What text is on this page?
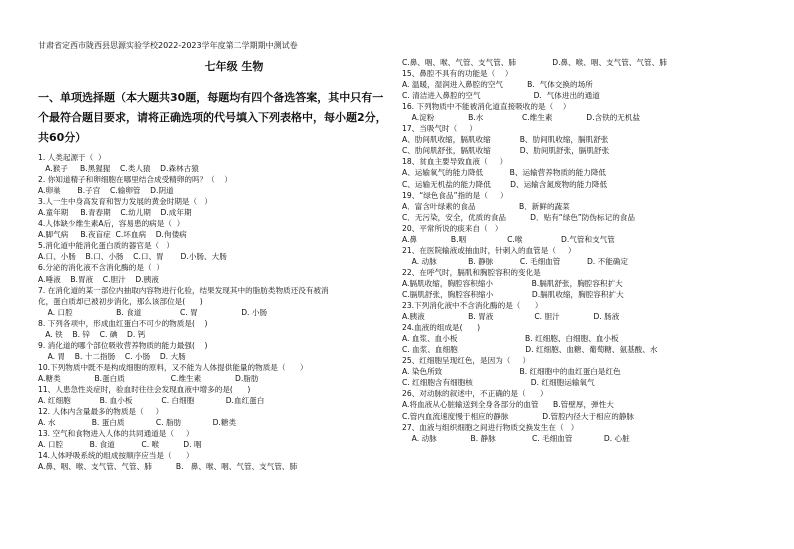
甘肃省定西市陇西县思源实验学校2022-2023学年度第二学期期中测试卷
七年级 生物
一、单项选择题（本大题共30题，每题均有四个备选答案，其中只有一
个最符合题目要求，请将正确选项的代号填入下列表格中，每小题2分，
共60分）
1. 人类起源于（  ）
A.猴子     B.黑猩猩    C.类人猿    D.森林古猿
2. 你知道精子和卵细胞在哪里结合成受精卵的吗？（    ）
A.卵巢       B.子宫    C.输卵管    D.阴道
3.人一生中身高发育和智力发展的黄金时期是（   ）
A.童年期     B.青春期    C.幼儿期    D.成年期
4.人体缺少维生素A后，容易患的病是（  ）
A.脚气病     B.夜盲症  C.坏血病    D.佝偻病
5.消化道中能消化蛋白质的器官是（   ）
A.口、小肠    B.口、小肠    C.口、胃       D.小肠、大肠
6.分泌的消化液不含消化酶的是（  ）
A.唾液    B.胃液    C.胆汁    D.胰液
7. 在消化道的某一部位内抽取内容物进行化验，结果发现其中的脂肪类物质还没有被消
化，蛋白质却已被初步消化，那么该部位是(      )
A. 口腔                  B. 食道                C. 胃                  D. 小肠
8. 下列各项中，形成血红蛋白不可少的物质是(    )
A. 铁    B. 锌    C. 碘    D. 钙
9. 消化道的哪个部位吸收营养物质的能力最强(    )
A. 胃    B. 十二指肠    C. 小肠    D. 大肠
10.下列物质中既不是构成细胞的原料，又不能为人体提供能量的物质是（      ）
A.糖类              B.蛋白质                   C.维生素              D.脂肪
11、人患急性炎症时，验血时往往会发现血液中增多的是(      )
A. 红细胞            B. 血小板            C. 白细胞             D.血红蛋白
12. 人体内含量最多的物质是（     ）
A. 水               B. 蛋白质             C. 脂肪             D.糖类
13. 空气和食物进入人体的共同通道是（     ）
A. 口腔           B. 食道           C. 喉          D. 咽
14.人体呼吸系统的组成按顺序应当是（      ）
A.鼻、咽、喉、支气管、气管、肺          B.   鼻、喉、咽、气管、支气管、肺
C.鼻、咽、喉、气管、支气管、肺               D.鼻、喉、咽、支气管、气管、肺
15、鼻腔不具有的功能是（    ）
A. 温暖，湿润进入鼻腔的空气          B.  气体交换的场所
C. 清洁进入鼻腔的空气                      D.  气体进出的通道
16. 下列物质中不能被消化道直接吸收的是（    ）
A.淀粉              B.水                C.维生素              D.含铁的无机盐
17、当吸气时（     ）
A、肋间肌收缩，膈肌收缩            B、肋间肌收缩，膈肌舒张
C、肋间肌舒张，膈肌收缩            D、肋间肌舒张，膈肌舒张
18、贫血主要导致血液（     ）
A、运输氧气的能力降低           B、运输营养物质的能力降低
C、运输无机盐的能力降低        D、运输含氮废物的能力降低
19、“绿色食品”指的是（     ）
A．富含叶绿素的食品                  B．新鲜的蔬菜
C．无污染，安全，优质的食品          D．贴有“绿色”防伪标记的食品
20、平常所说的痰来自（   ）
A.鼻              B.咽                 C.喉                D.气管和支气管
21、在医院输液或抽血时，针刺入的血管是（     ）
A. 动脉             B. 静脉           C. 毛细血管           D. 不能确定
22、在呼气时，膈肌和胸腔容积的变化是
A.膈肌收缩，胸腔容积缩小                B.膈肌舒张，胸腔容积扩大
C.膈肌舒张，胸腔容积缩小                D.膈肌收缩，胸腔容积扩大
23.下列消化液中不含消化酶的是（      ）
A.胰液                  B. 胃液                 C. 胆汁              D. 肠液
24.血液的组成是(      )
A. 血浆、血小板                            B. 红细胞、白细胞、血小板
C. 血浆、血细胞                            D. 红细胞、血糖、葡萄糖、氨基酸、水
25、红细胞呈现红色，是因为（     ）
A. 染色所致                                B. 红细胞中的血红蛋白是红色
C. 红细胞含有细胞核                        D. 红细胞运输氧气
26、对动脉的叙述中，不正确的是（      ）
A.将血液从心脏输送到全身各部分的血管      B.管壁厚，弹性大
C.管内血流速度慢于相应的静脉              D.管腔内径大于相应的静脉
27、血液与组织细胞之间进行物质交换发生在（   ）
A. 动脉              B. 静脉               C. 毛细血管             D. 心脏
